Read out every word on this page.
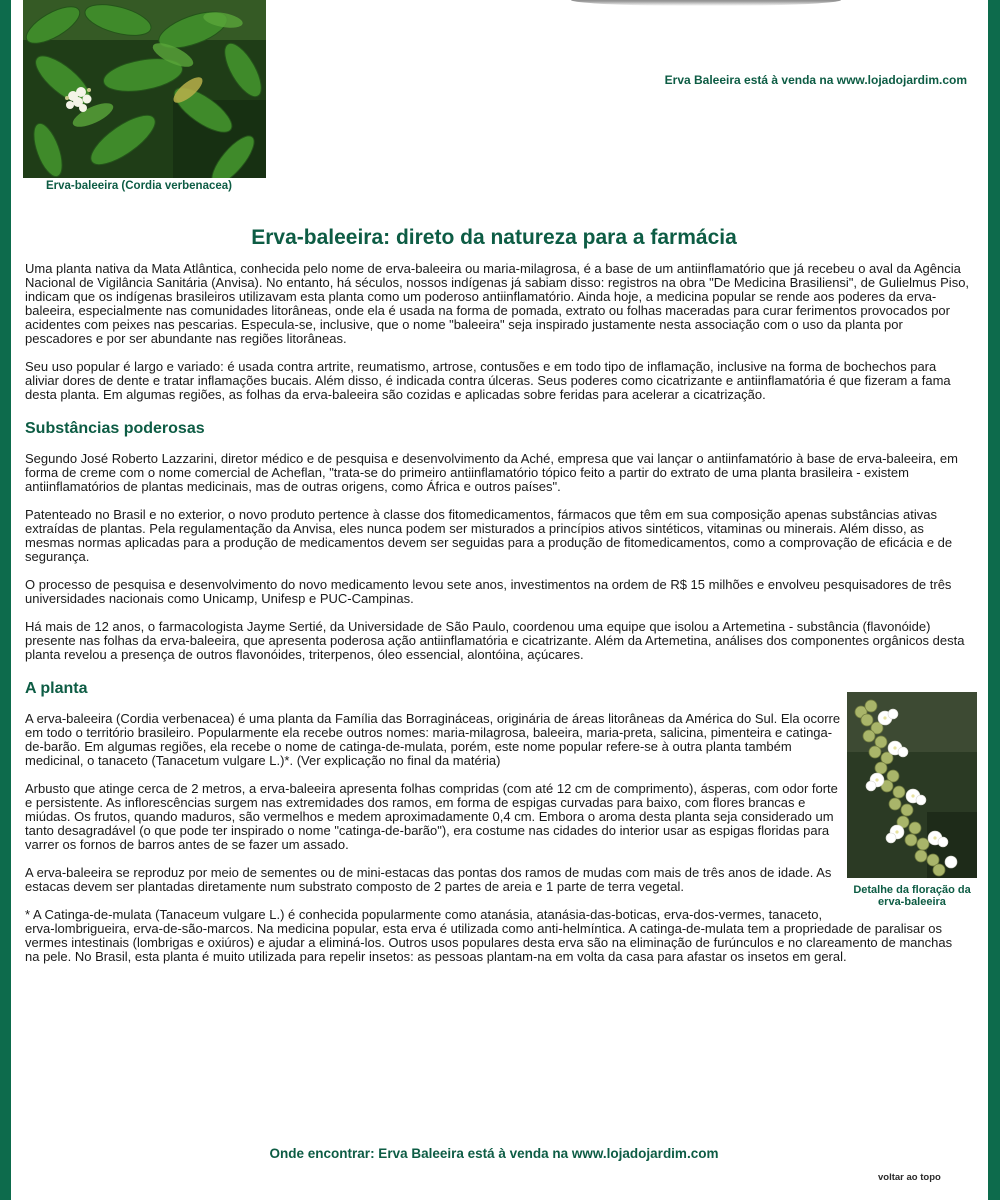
Erva-baleeira (Cordia verbenacea)
Erva Baleeira está à venda na www.lojadojardim.com
Erva-baleeira: direto da natureza para a farmácia

Uma planta nativa da Mata Atlântica, conhecida pelo nome de erva-baleeira ou maria-milagrosa, é a base de um antiinflamatório que já recebeu o aval da Agência Nacional de Vigilância Sanitária (Anvisa). No entanto, há séculos, nossos indígenas já sabiam disso: registros na obra "De Medicina Brasiliensi", de Gulielmus Piso, indicam que os indígenas brasileiros utilizavam esta planta como um poderoso antiinflamatório. Ainda hoje, a medicina popular se rende aos poderes da erva-baleeira, especialmente nas comunidades litorâneas, onde ela é usada na forma de pomada, extrato ou folhas maceradas para curar ferimentos provocados por acidentes com peixes nas pescarias. Especula-se, inclusive, que o nome "baleeira" seja inspirado justamente nesta associação com o uso da planta por pescadores e por ser abundante nas regiões litorâneas.

Seu uso popular é largo e variado: é usada contra artrite, reumatismo, artrose, contusões e em todo tipo de inflamação, inclusive na forma de bochechos para aliviar dores de dente e tratar inflamações bucais. Além disso, é indicada contra úlceras. Seus poderes como cicatrizante e antiinflamatória é que fizeram a fama desta planta. Em algumas regiões, as folhas da erva-baleeira são cozidas e aplicadas sobre feridas para acelerar a cicatrização.

Substâncias poderosas

Segundo José Roberto Lazzarini, diretor médico e de pesquisa e desenvolvimento da Aché, empresa que vai lançar o antiinfamatório à base de erva-baleeira, em forma de creme com o nome comercial de Acheflan, "trata-se do primeiro antiinflamatório tópico feito a partir do extrato de uma planta brasileira - existem antiinflamatórios de plantas medicinais, mas de outras origens, como África e outros países".

Patenteado no Brasil e no exterior, o novo produto pertence à classe dos fitomedicamentos, fármacos que têm em sua composição apenas substâncias ativas extraídas de plantas. Pela regulamentação da Anvisa, eles nunca podem ser misturados a princípios ativos sintéticos, vitaminas ou minerais. Além disso, as mesmas normas aplicadas para a produção de medicamentos devem ser seguidas para a produção de fitomedicamentos, como a comprovação de eficácia e de segurança.

O processo de pesquisa e desenvolvimento do novo medicamento levou sete anos, investimentos na ordem de R$ 15 milhões e envolveu pesquisadores de três universidades nacionais como Unicamp, Unifesp e PUC-Campinas.

Há mais de 12 anos, o farmacologista Jayme Sertié, da Universidade de São Paulo, coordenou uma equipe que isolou a Artemetina - substância (flavonóide) presente nas folhas da erva-baleeira, que apresenta poderosa ação antiinflamatória e cicatrizante. Além da Artemetina, análises dos componentes orgânicos desta planta revelou a presença de outros flavonóides, triterpenos, óleo essencial, alontóina, açúcares.

A planta
Detalhe da floração da erva-baleeira

A erva-baleeira (Cordia verbenacea) é uma planta da Família das Borragináceas, originária de áreas litorâneas da América do Sul. Ela ocorre em todo o território brasileiro. Popularmente ela recebe outros nomes: maria-milagrosa, baleeira, maria-preta, salicina, pimenteira e catinga-de-barão. Em algumas regiões, ela recebe o nome de catinga-de-mulata, porém, este nome popular refere-se à outra planta também medicinal, o tanaceto (Tanacetum vulgare L.)*. (Ver explicação no final da matéria)

Arbusto que atinge cerca de 2 metros, a erva-baleeira apresenta folhas compridas (com até 12 cm de comprimento), ásperas, com odor forte e persistente. As inflorescências surgem nas extremidades dos ramos, em forma de espigas curvadas para baixo, com flores brancas e miúdas. Os frutos, quando maduros, são vermelhos e medem aproximadamente 0,4 cm. Embora o aroma desta planta seja considerado um tanto desagradável (o que pode ter inspirado o nome "catinga-de-barão"), era costume nas cidades do interior usar as espigas floridas para varrer os fornos de barros antes de se fazer um assado.

A erva-baleeira se reproduz por meio de sementes ou de mini-estacas das pontas dos ramos de mudas com mais de três anos de idade. As estacas devem ser plantadas diretamente num substrato composto de 2 partes de areia e 1 parte de terra vegetal.

* A Catinga-de-mulata (Tanaceum vulgare L.) é conhecida popularmente como atanásia, atanásia-das-boticas, erva-dos-vermes, tanaceto, erva-lombrigueira, erva-de-são-marcos. Na medicina popular, esta erva é utilizada como anti-helmíntica. A catinga-de-mulata tem a propriedade de paralisar os vermes intestinais (lombrigas e oxiúros) e ajudar a eliminá-los. Outros usos populares desta erva são na eliminação de furúnculos e no clareamento de manchas na pele. No Brasil, esta planta é muito utilizada para repelir insetos: as pessoas plantam-na em volta da casa para afastar os insetos em geral.

Onde encontrar: Erva Baleeira está à venda na www.lojadojardim.com
voltar ao topo
